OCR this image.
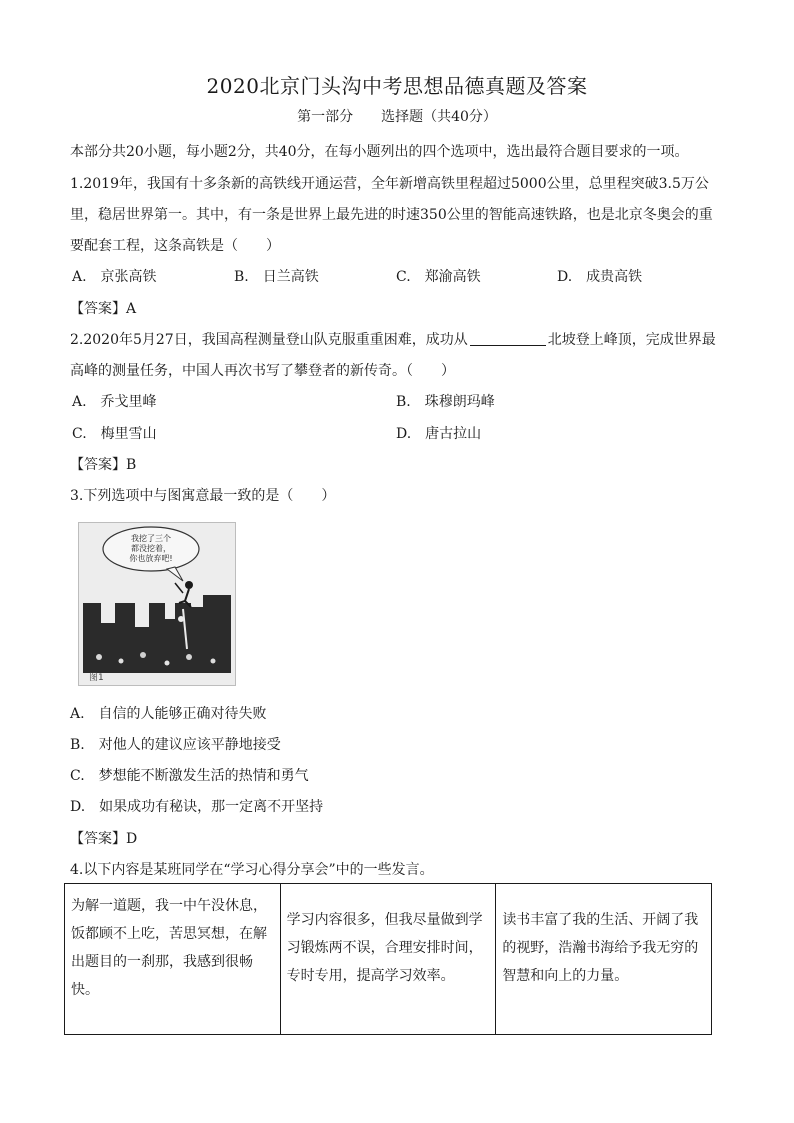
2020北京门头沟中考思想品德真题及答案
第一部分　　选择题（共40分）
本部分共20小题，每小题2分，共40分，在每小题列出的四个选项中，选出最符合题目要求的一项。
1.2019年，我国有十多条新的高铁线开通运营，全年新增高铁里程超过5000公里，总里程突破3.5万公
里，稳居世界第一。其中，有一条是世界上最先进的时速350公里的智能高速铁路，也是北京冬奥会的重
要配套工程，这条高铁是（　　）
A.　京张高铁	B.　日兰高铁	C.　郑渝高铁	D.　成贵高铁
【答案】A
2.2020年5月27日，我国高程测量登山队克服重重困难，成功从	北坡登上峰顶，完成世界最
高峰的测量任务，中国人再次书写了攀登者的新传奇。（　　）
A.　乔戈里峰	B.　珠穆朗玛峰
C.　梅里雪山	D.　唐古拉山
【答案】B
3.下列选项中与图寓意最一致的是（　　）
我挖了三个
都没挖着，
你也放弃吧!
图1
A.　自信的人能够正确对待失败
B.　对他人的建议应该平静地接受
C.　梦想能不断激发生活的热情和勇气
D.　如果成功有秘诀，那一定离不开坚持
【答案】D
4.以下内容是某班同学在“学习心得分享会”中的一些发言。
为解一道题，我一中午没休息，
饭都顾不上吃，苦思冥想，在解
出题目的一刹那，我感到很畅快。

学习内容很多，但我尽量做到学
习锻炼两不误，合理安排时间，
专时专用，提高学习效率。

读书丰富了我的生活、开阔了我
的视野，浩瀚书海给予我无穷的
智慧和向上的力量。
